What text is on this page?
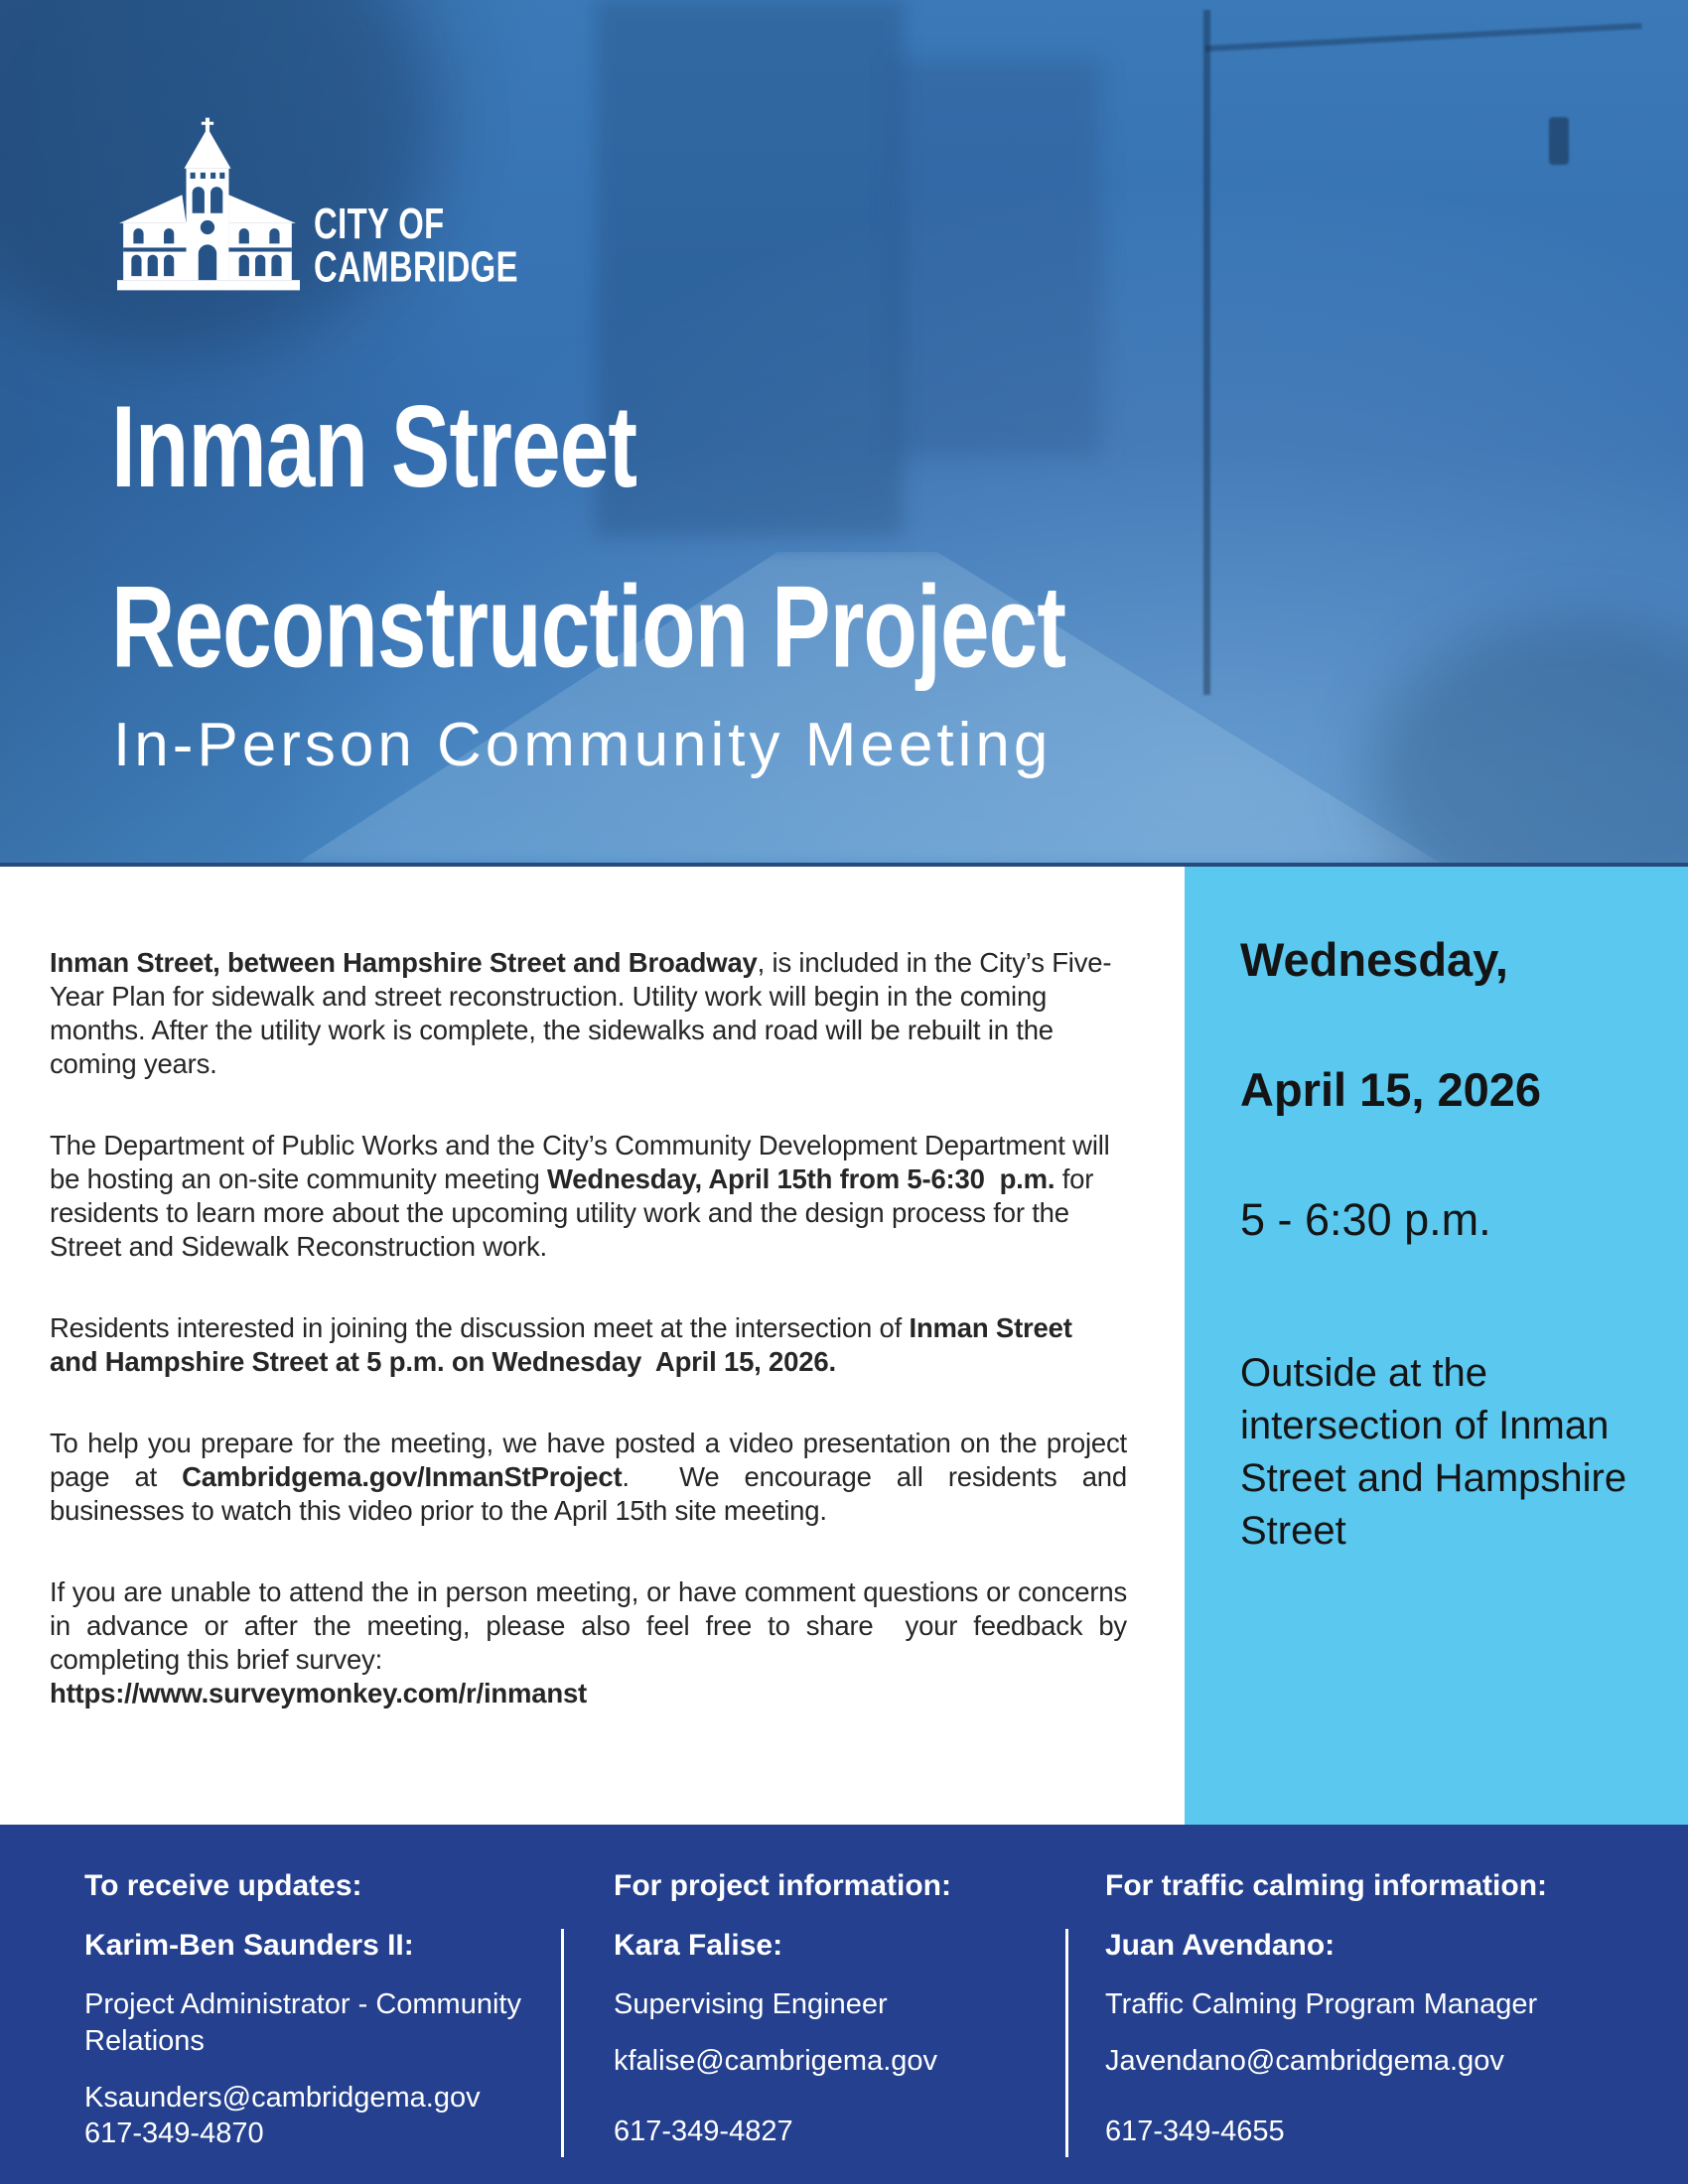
CITY OF
CAMBRIDGE
Inman Street
Reconstruction Project
In-Person Community Meeting

Inman Street, between Hampshire Street and Broadway, is included in the City’s Five-Year Plan for sidewalk and street reconstruction. Utility work will begin in the coming months. After the utility work is complete, the sidewalks and road will be rebuilt in the coming years.

The Department of Public Works and the City’s Community Development Department will be hosting an on-site community meeting Wednesday, April 15th from 5-6:30  p.m. for residents to learn more about the upcoming utility work and the design process for the Street and Sidewalk Reconstruction work.

Residents interested in joining the discussion meet at the intersection of Inman Street and Hampshire Street at 5 p.m. on Wednesday  April 15, 2026.

To help you prepare for the meeting, we have posted a video presentation on the project page at Cambridgema.gov/InmanStProject.  We encourage all residents and businesses to watch this video prior to the April 15th site meeting.

If you are unable to attend the in person meeting, or have comment questions or concerns in advance or after the meeting, please also feel free to share  your feedback by completing this brief survey:
https://www.surveymonkey.com/r/inmanst

Wednesday,

April 15, 2026

5 - 6:30 p.m.

Outside at the intersection of Inman Street and Hampshire Street

To receive updates:

Karim-Ben Saunders II:

Project Administrator - Community Relations

Ksaunders@cambridgema.gov

617-349-4870

For project information:

Kara Falise:

Supervising Engineer

kfalise@cambrigema.gov

617-349-4827

For traffic calming information:

Juan Avendano:

Traffic Calming Program Manager

Javendano@cambridgema.gov

617-349-4655
